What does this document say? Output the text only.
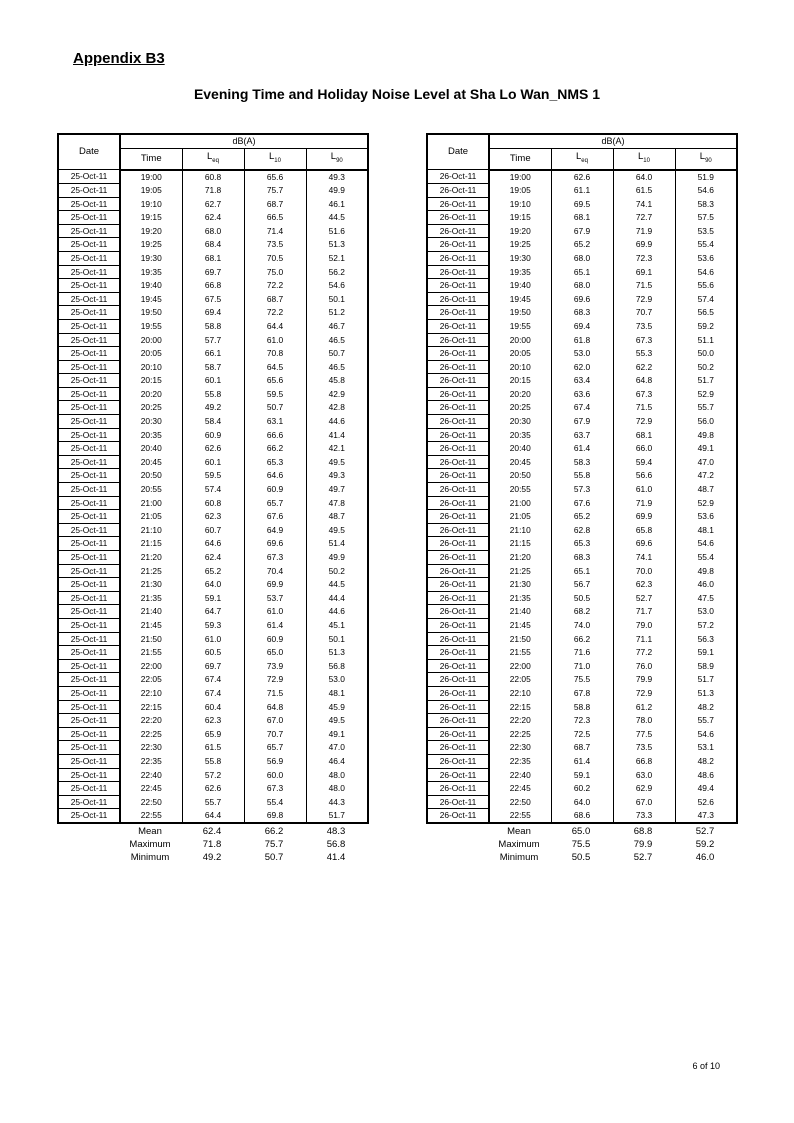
Appendix B3

Evening Time and Holiday Noise Level at Sha Lo Wan_NMS 1

Date	dB(A)			
	Time	$L_{eq}$	$L_{10}$	$L_{90}$
25-Oct-11	19:00	60.8	65.6	49.3
25-Oct-11	19:05	71.8	75.7	49.9
25-Oct-11	19:10	62.7	68.7	46.1
25-Oct-11	19:15	62.4	66.5	44.5
25-Oct-11	19:20	68.0	71.4	51.6
25-Oct-11	19:25	68.4	73.5	51.3
25-Oct-11	19:30	68.1	70.5	52.1
25-Oct-11	19:35	69.7	75.0	56.2
25-Oct-11	19:40	66.8	72.2	54.6
25-Oct-11	19:45	67.5	68.7	50.1
25-Oct-11	19:50	69.4	72.2	51.2
25-Oct-11	19:55	58.8	64.4	46.7
25-Oct-11	20:00	57.7	61.0	46.5
25-Oct-11	20:05	66.1	70.8	50.7
25-Oct-11	20:10	58.7	64.5	46.5
25-Oct-11	20:15	60.1	65.6	45.8
25-Oct-11	20:20	55.8	59.5	42.9
25-Oct-11	20:25	49.2	50.7	42.8
25-Oct-11	20:30	58.4	63.1	44.6
25-Oct-11	20:35	60.9	66.6	41.4
25-Oct-11	20:40	62.6	66.2	42.1
25-Oct-11	20:45	60.1	65.3	49.5
25-Oct-11	20:50	59.5	64.6	49.3
25-Oct-11	20:55	57.4	60.9	49.7
25-Oct-11	21:00	60.8	65.7	47.8
25-Oct-11	21:05	62.3	67.6	48.7
25-Oct-11	21:10	60.7	64.9	49.5
25-Oct-11	21:15	64.6	69.6	51.4
25-Oct-11	21:20	62.4	67.3	49.9
25-Oct-11	21:25	65.2	70.4	50.2
25-Oct-11	21:30	64.0	69.9	44.5
25-Oct-11	21:35	59.1	53.7	44.4
25-Oct-11	21:40	64.7	61.0	44.6
25-Oct-11	21:45	59.3	61.4	45.1
25-Oct-11	21:50	61.0	60.9	50.1
25-Oct-11	21:55	60.5	65.0	51.3
25-Oct-11	22:00	69.7	73.9	56.8
25-Oct-11	22:05	67.4	72.9	53.0
25-Oct-11	22:10	67.4	71.5	48.1
25-Oct-11	22:15	60.4	64.8	45.9
25-Oct-11	22:20	62.3	67.0	49.5
25-Oct-11	22:25	65.9	70.7	49.1
25-Oct-11	22:30	61.5	65.7	47.0
25-Oct-11	22:35	55.8	56.9	46.4
25-Oct-11	22:40	57.2	60.0	48.0
25-Oct-11	22:45	62.6	67.3	48.0
25-Oct-11	22:50	55.7	55.4	44.3
25-Oct-11	22:55	64.4	69.8	51.7
	Mean	62.4	66.2	48.3
	Maximum	71.8	75.7	56.8
	Minimum	49.2	50.7	41.4
Date	dB(A)			
	Time	$L_{eq}$	$L_{10}$	$L_{90}$
26-Oct-11	19:00	62.6	64.0	51.9
26-Oct-11	19:05	61.1	61.5	54.6
26-Oct-11	19:10	69.5	74.1	58.3
26-Oct-11	19:15	68.1	72.7	57.5
26-Oct-11	19:20	67.9	71.9	53.5
26-Oct-11	19:25	65.2	69.9	55.4
26-Oct-11	19:30	68.0	72.3	53.6
26-Oct-11	19:35	65.1	69.1	54.6
26-Oct-11	19:40	68.0	71.5	55.6
26-Oct-11	19:45	69.6	72.9	57.4
26-Oct-11	19:50	68.3	70.7	56.5
26-Oct-11	19:55	69.4	73.5	59.2
26-Oct-11	20:00	61.8	67.3	51.1
26-Oct-11	20:05	53.0	55.3	50.0
26-Oct-11	20:10	62.0	62.2	50.2
26-Oct-11	20:15	63.4	64.8	51.7
26-Oct-11	20:20	63.6	67.3	52.9
26-Oct-11	20:25	67.4	71.5	55.7
26-Oct-11	20:30	67.9	72.9	56.0
26-Oct-11	20:35	63.7	68.1	49.8
26-Oct-11	20:40	61.4	66.0	49.1
26-Oct-11	20:45	58.3	59.4	47.0
26-Oct-11	20:50	55.8	56.6	47.2
26-Oct-11	20:55	57.3	61.0	48.7
26-Oct-11	21:00	67.6	71.9	52.9
26-Oct-11	21:05	65.2	69.9	53.6
26-Oct-11	21:10	62.8	65.8	48.1
26-Oct-11	21:15	65.3	69.6	54.6
26-Oct-11	21:20	68.3	74.1	55.4
26-Oct-11	21:25	65.1	70.0	49.8
26-Oct-11	21:30	56.7	62.3	46.0
26-Oct-11	21:35	50.5	52.7	47.5
26-Oct-11	21:40	68.2	71.7	53.0
26-Oct-11	21:45	74.0	79.0	57.2
26-Oct-11	21:50	66.2	71.1	56.3
26-Oct-11	21:55	71.6	77.2	59.1
26-Oct-11	22:00	71.0	76.0	58.9
26-Oct-11	22:05	75.5	79.9	51.7
26-Oct-11	22:10	67.8	72.9	51.3
26-Oct-11	22:15	58.8	61.2	48.2
26-Oct-11	22:20	72.3	78.0	55.7
26-Oct-11	22:25	72.5	77.5	54.6
26-Oct-11	22:30	68.7	73.5	53.1
26-Oct-11	22:35	61.4	66.8	48.2
26-Oct-11	22:40	59.1	63.0	48.6
26-Oct-11	22:45	60.2	62.9	49.4
26-Oct-11	22:50	64.0	67.0	52.6
26-Oct-11	22:55	68.6	73.3	47.3
	Mean	65.0	68.8	52.7
	Maximum	75.5	79.9	59.2
	Minimum	50.5	52.7	46.0
6 of 10
